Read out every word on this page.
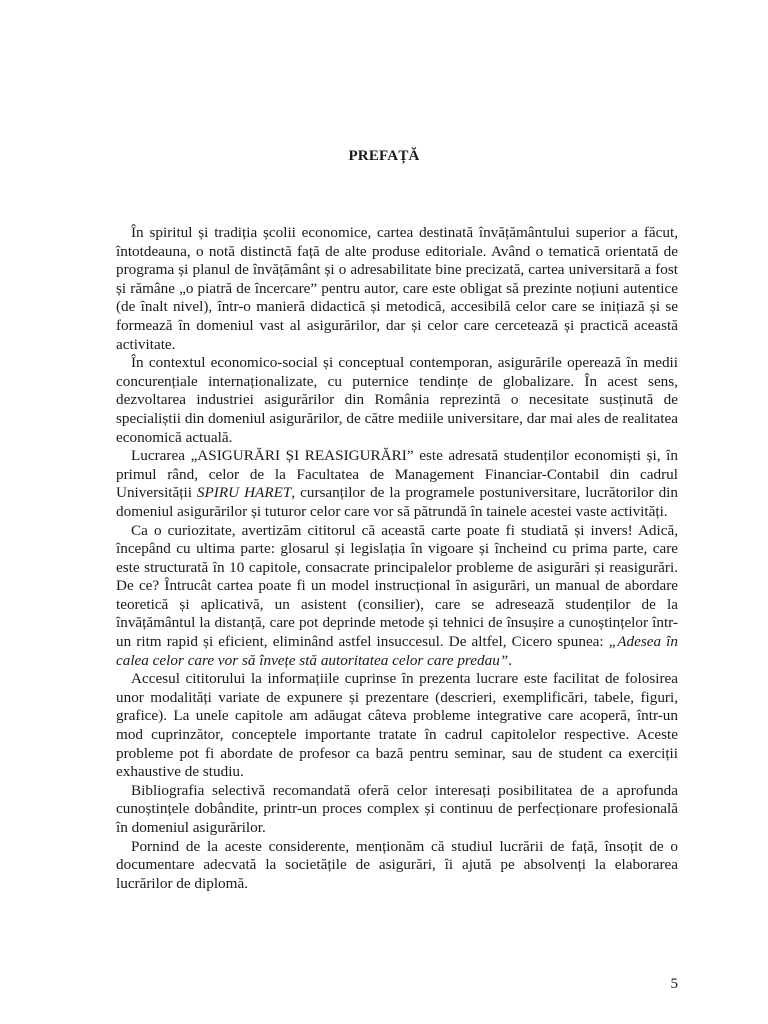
PREFAȚĂ

În spiritul și tradiția școlii economice, cartea destinată învățământului superior a făcut, întotdeauna, o notă distinctă față de alte produse editoriale. Având o tematică orientată de programa și planul de învățământ și o adresabilitate bine precizată, cartea universitară a fost și rămâne „o piatră de încercare” pentru autor, care este obligat să prezinte noțiuni autentice (de înalt nivel), într-o manieră didactică și metodică, accesibilă celor care se inițiază și se formează în domeniul vast al asigurărilor, dar și celor care cercetează și practică această activitate.

În contextul economico-social și conceptual contemporan, asigurările operează în medii concurențiale internaționalizate, cu puternice tendințe de globalizare. În acest sens, dezvoltarea industriei asigurărilor din România reprezintă o necesitate susținută de specialiștii din domeniul asigurărilor, de către mediile universitare, dar mai ales de realitatea economică actuală.

Lucrarea „ASIGURĂRI ȘI REASIGURĂRI” este adresată studenților economiști și, în primul rând, celor de la Facultatea de Management Financiar-Contabil din cadrul Universității SPIRU HARET, cursanților de la programele postuniversitare, lucrătorilor din domeniul asigurărilor și tuturor celor care vor să pătrundă în tainele acestei vaste activități.

Ca o curiozitate, avertizăm cititorul că această carte poate fi studiată și invers! Adică, începând cu ultima parte: glosarul și legislația în vigoare și încheind cu prima parte, care este structurată în 10 capitole, consacrate principalelor probleme de asigurări și reasigurări. De ce? Întrucât cartea poate fi un model instrucțional în asigurări, un manual de abordare teoretică și aplicativă, un asistent (consilier), care se adresează studenților de la învățământul la distanță, care pot deprinde metode și tehnici de însușire a cunoștințelor într-un ritm rapid și eficient, eliminând astfel insuccesul. De altfel, Cicero spunea: „Adesea în calea celor care vor să învețe stă autoritatea celor care predau”.

Accesul cititorului la informațiile cuprinse în prezenta lucrare este facilitat de folosirea unor modalități variate de expunere și prezentare (descrieri, exemplificări, tabele, figuri, grafice). La unele capitole am adăugat câteva probleme integrative care acoperă, într-un mod cuprinzător, conceptele importante tratate în cadrul capitolelor respective. Aceste probleme pot fi abordate de profesor ca bază pentru seminar, sau de student ca exerciții exhaustive de studiu.

Bibliografia selectivă recomandată oferă celor interesați posibilitatea de a aprofunda cunoștințele dobândite, printr-un proces complex și continuu de perfecționare profesională în domeniul asigurărilor.

Pornind de la aceste considerente, menționăm că studiul lucrării de față, însoțit de o documentare adecvată la societățile de asigurări, îi ajută pe absolvenți la elaborarea lucrărilor de diplomă.

5
